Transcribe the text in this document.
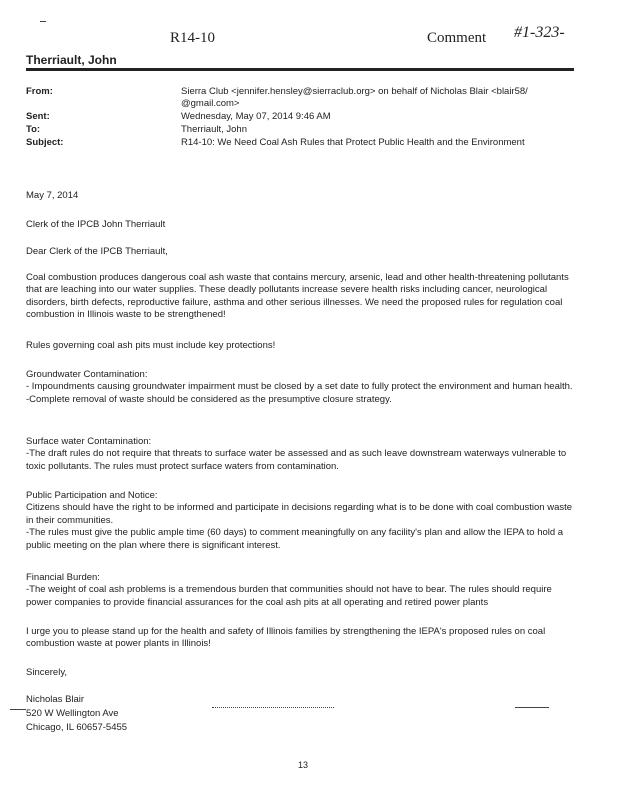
R14-10	Comment #1-323-
Therriault, John
From:	Sierra Club <jennifer.hensley@sierraclub.org> on behalf of Nicholas Blair <blair58/ @gmail.com>
Sent:	Wednesday, May 07, 2014 9:46 AM
To:	Therriault, John
Subject:	R14-10: We Need Coal Ash Rules that Protect Public Health and the Environment
May 7, 2014
Clerk of the IPCB John Therriault
Dear Clerk of the IPCB Therriault,
Coal combustion produces dangerous coal ash waste that contains mercury, arsenic, lead and other health-threatening pollutants that are leaching into our water supplies. These deadly pollutants increase severe health risks including cancer, neurological disorders, birth defects, reproductive failure, asthma and other serious illnesses. We need the proposed rules for regulation coal combustion in Illinois waste to be strengthened!
Rules governing coal ash pits must include key protections!

Groundwater Contamination:

- Impoundments causing groundwater impairment must be closed by a set date to fully protect the environment and human health.

-Complete removal of waste should be considered as the presumptive closure strategy.

Surface water Contamination:

-The draft rules do not require that threats to surface water be assessed and as such leave downstream waterways vulnerable to toxic pollutants. The rules must protect surface waters from contamination.

Public Participation and Notice:

Citizens should have the right to be informed and participate in decisions regarding what is to be done with coal combustion waste in their communities.

-The rules must give the public ample time (60 days) to comment meaningfully on any facility's plan and allow the IEPA to hold a public meeting on the plan where there is significant interest.

Financial Burden:

-The weight of coal ash problems is a tremendous burden that communities should not have to bear. The rules should require power companies to provide financial assurances for the coal ash pits at all operating and retired power plants

I urge you to please stand up for the health and safety of Illinois families by strengthening the IEPA's proposed rules on coal combustion waste at power plants in Illinois!
Sincerely,
Nicholas Blair
520 W Wellington Ave
Chicago, IL 60657-5455
13
